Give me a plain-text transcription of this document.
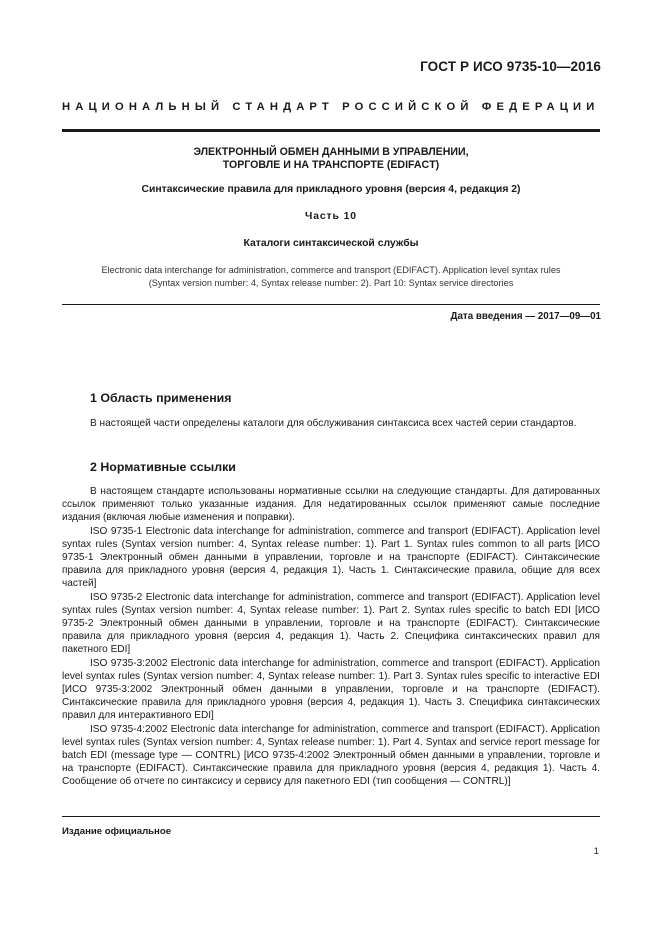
ГОСТ Р ИСО 9735-10—2016
НАЦИОНАЛЬНЫЙ СТАНДАРТ РОССИЙСКОЙ ФЕДЕРАЦИИ
ЭЛЕКТРОННЫЙ ОБМЕН ДАННЫМИ В УПРАВЛЕНИИ,
ТОРГОВЛЕ И НА ТРАНСПОРТЕ (EDIFACT)
Синтаксические правила для прикладного уровня (версия 4, редакция 2)
Часть 10
Каталоги синтаксической службы
Electronic data interchange for administration, commerce and transport (EDIFACT). Application level syntax rules
(Syntax version number: 4, Syntax release number: 2). Part 10: Syntax service directories
Дата введения — 2017—09—01
1 Область применения

В настоящей части определены каталоги для обслуживания синтаксиса всех частей серии стандартов.

2 Нормативные ссылки

В настоящем стандарте использованы нормативные ссылки на следующие стандарты. Для датированных ссылок применяют только указанные издания. Для недатированных ссылок применяют самые последние издания (включая любые изменения и поправки).

ISO 9735-1 Electronic data interchange for administration, commerce and transport (EDIFACT). Application level syntax rules (Syntax version number: 4, Syntax release number: 1). Part 1. Syntax rules common to all parts [ИСО 9735-1 Электронный обмен данными в управлении, торговле и на транспорте (EDIFACT). Синтаксические правила для прикладного уровня (версия 4, редакция 1). Часть 1. Синтаксические правила, общие для всех частей]

ISO 9735-2 Electronic data interchange for administration, commerce and transport (EDIFACT). Application level syntax rules (Syntax version number: 4, Syntax release number: 1). Part 2. Syntax rules specific to batch EDI [ИСО 9735-2 Электронный обмен данными в управлении, торговле и на транспорте (EDIFACT). Синтаксические правила для прикладного уровня (версия 4, редакция 1). Часть 2. Специфика синтаксических правил для пакетного EDI]

ISO 9735-3:2002 Electronic data interchange for administration, commerce and transport (EDIFACT). Application level syntax rules (Syntax version number: 4, Syntax release number: 1). Part 3. Syntax rules specific to interactive EDI [ИСО 9735-3:2002 Электронный обмен данными в управлении, торговле и на транспорте (EDIFACT). Синтаксические правила для прикладного уровня (версия 4, редакция 1). Часть 3. Специфика синтаксических правил для интерактивного EDI]

ISO 9735-4:2002 Electronic data interchange for administration, commerce and transport (EDIFACT). Application level syntax rules (Syntax version number: 4, Syntax release number: 1). Part 4. Syntax and service report message for batch EDI (message type — CONTRL) [ИСО 9735-4:2002 Электронный обмен данными в управлении, торговле и на транспорте (EDIFACT). Синтаксические правила для прикладного уровня (версия 4, редакция 1). Часть 4. Сообщение об отчете по синтаксису и сервису для пакетного EDI (тип сообщения — CONTRL)]

Издание официальное
1
